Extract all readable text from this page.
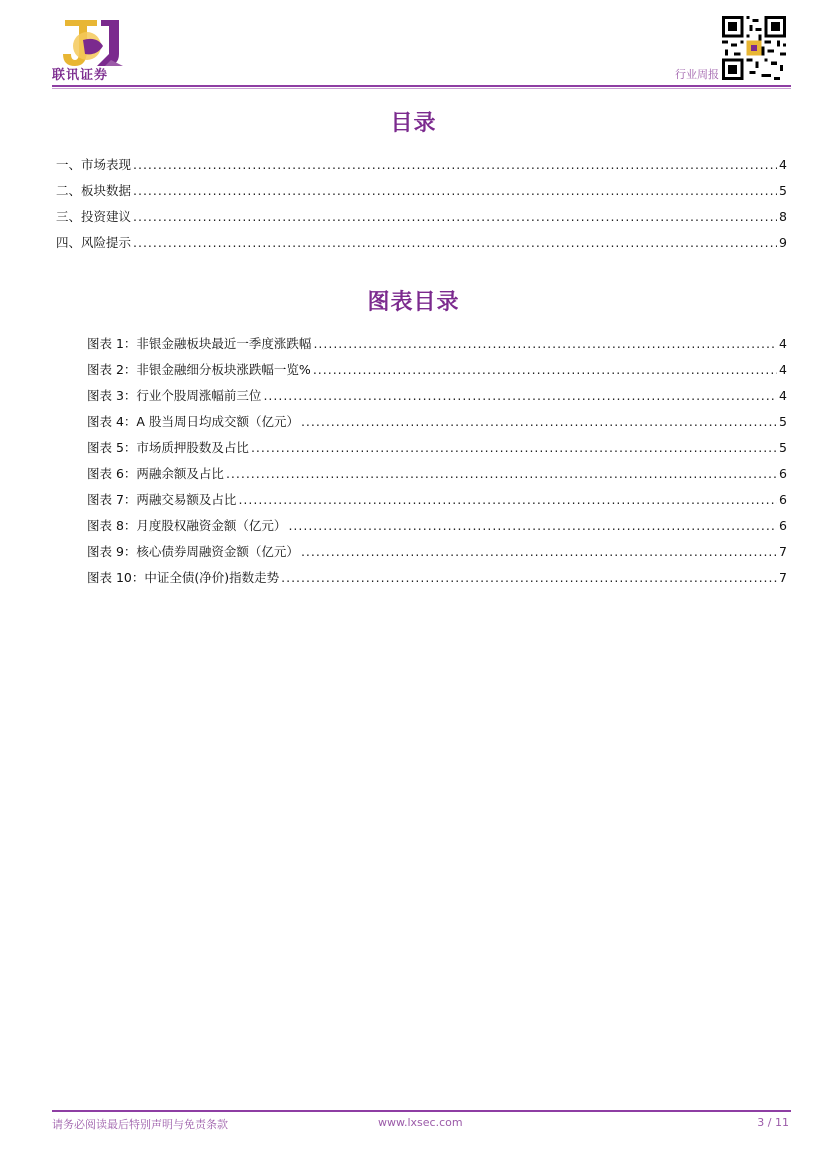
联讯证券	行业周报
目录
一、市场表现 .....	4
二、板块数据 .....	5
三、投资建议 .....	8
四、风险提示 .....	9
图表目录
图表 1：非银金融板块最近一季度涨跌幅 .....	4
图表 2：非银金融细分板块涨跌幅一览% .....	4
图表 3：行业个股周涨幅前三位 .....	4
图表 4：A 股当周日均成交额（亿元） .....	5
图表 5：市场质押股数及占比 .....	5
图表 6：两融余额及占比 .....	6
图表 7：两融交易额及占比 .....	6
图表 8：月度股权融资金额（亿元） .....	6
图表 9：核心债券周融资金额（亿元） .....	7
图表 10：中证全债(净价)指数走势 .....	7
请务必阅读最后特别声明与免责条款	www.lxsec.com	3 / 11
